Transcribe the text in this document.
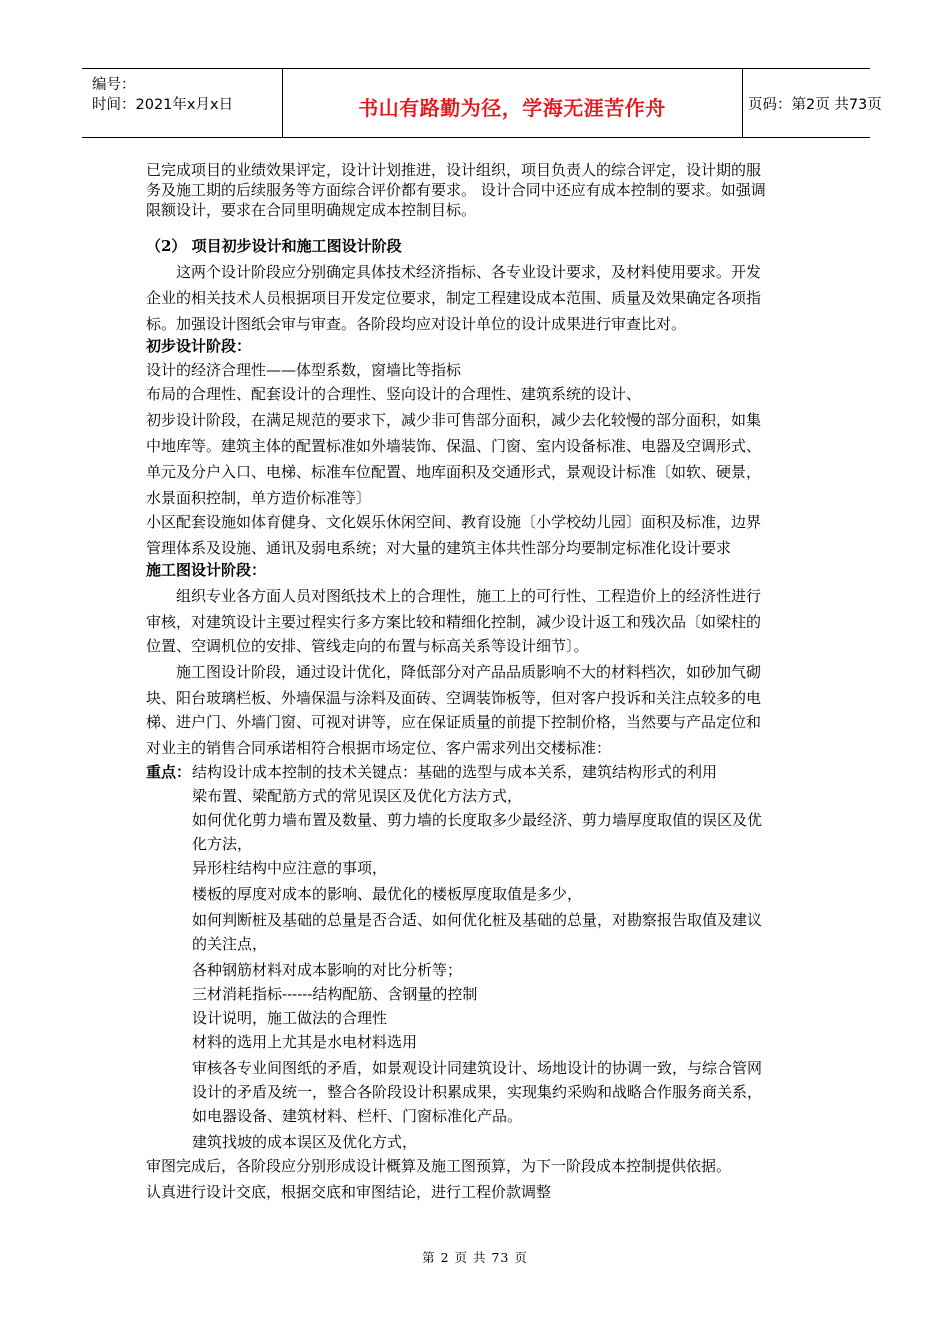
编号：
时间：2021年x月x日	书山有路勤为径，学海无涯苦作舟	页码：第2页 共73页
已完成项目的业绩效果评定，设计计划推进，设计组织，项目负责人的综合评定，设计期的服
务及施工期的后续服务等方面综合评价都有要求。 设计合同中还应有成本控制的要求。如强调
限额设计，要求在合同里明确规定成本控制目标。
（2） 项目初步设计和施工图设计阶段
这两个设计阶段应分别确定具体技术经济指标、各专业设计要求，及材料使用要求。开发
企业的相关技术人员根据项目开发定位要求，制定工程建设成本范围、质量及效果确定各项指
标。加强设计图纸会审与审查。各阶段均应对设计单位的设计成果进行审查比对。
初步设计阶段：
设计的经济合理性——体型系数，窗墙比等指标
布局的合理性、配套设计的合理性、竖向设计的合理性、建筑系统的设计、
初步设计阶段，在满足规范的要求下，减少非可售部分面积，减少去化较慢的部分面积，如集
中地库等。建筑主体的配置标准如外墙装饰、保温、门窗、室内设备标准、电器及空调形式、
单元及分户入口、电梯、标准车位配置、地库面积及交通形式，景观设计标准〔如软、硬景，
水景面积控制，单方造价标准等〕
小区配套设施如体育健身、文化娱乐休闲空间、教育设施〔小学校幼儿园〕面积及标准，边界
管理体系及设施、通讯及弱电系统；对大量的建筑主体共性部分均要制定标准化设计要求
施工图设计阶段：
组织专业各方面人员对图纸技术上的合理性，施工上的可行性、工程造价上的经济性进行
审核，对建筑设计主要过程实行多方案比较和精细化控制，减少设计返工和残次品〔如梁柱的
位置、空调机位的安排、管线走向的布置与标高关系等设计细节〕。
施工图设计阶段，通过设计优化，降低部分对产品品质影响不大的材料档次，如砂加气砌
块、阳台玻璃栏板、外墙保温与涂料及面砖、空调装饰板等，但对客户投诉和关注点较多的电
梯、进户门、外墙门窗、可视对讲等，应在保证质量的前提下控制价格，当然要与产品定位和
对业主的销售合同承诺相符合根据市场定位、客户需求列出交楼标准：
重点： 结构设计成本控制的技术关键点：基础的选型与成本关系，建筑结构形式的利用
梁布置、梁配筋方式的常见误区及优化方法方式，
如何优化剪力墙布置及数量、剪力墙的长度取多少最经济、剪力墙厚度取值的误区及优
化方法，
异形柱结构中应注意的事项，
楼板的厚度对成本的影响、最优化的楼板厚度取值是多少，
如何判断桩及基础的总量是否合适、如何优化桩及基础的总量，对勘察报告取值及建议
的关注点，
各种钢筋材料对成本影响的对比分析等；
三材消耗指标------结构配筋、含钢量的控制
设计说明，施工做法的合理性
材料的选用上尤其是水电材料选用
审核各专业间图纸的矛盾，如景观设计同建筑设计、场地设计的协调一致，与综合管网
设计的矛盾及统一，整合各阶段设计积累成果，实现集约采购和战略合作服务商关系，
如电器设备、建筑材料、栏杆、门窗标准化产品。
建筑找坡的成本误区及优化方式，
审图完成后，各阶段应分别形成设计概算及施工图预算，为下一阶段成本控制提供依据。
认真进行设计交底，根据交底和审图结论，进行工程价款调整
第 2 页 共 73 页
